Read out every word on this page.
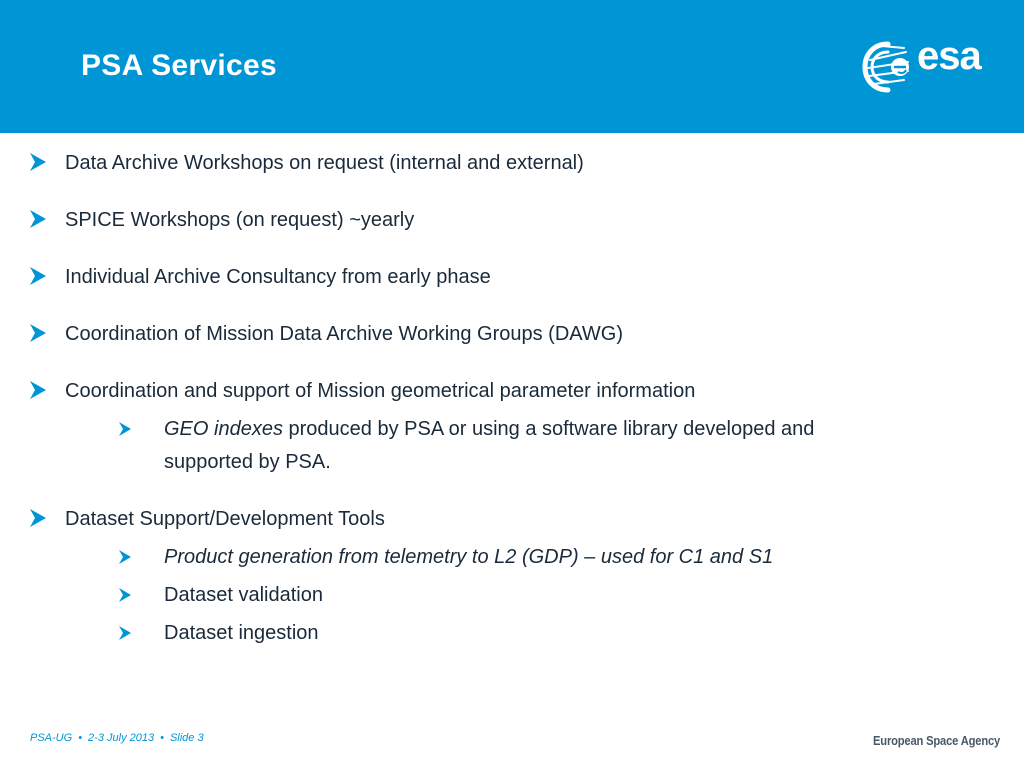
PSA Services	esa
Data Archive Workshops on request (internal and external)
SPICE Workshops (on request) ~yearly
Individual Archive Consultancy from early phase
Coordination of Mission Data Archive Working Groups (DAWG)
Coordination and support of Mission geometrical parameter information
GEO indexes produced by PSA or using a software library developed and
supported by PSA.
Dataset Support/Development Tools
Product generation from telemetry to L2 (GDP) – used for C1 and S1
Dataset validation
Dataset ingestion
PSA-UG • 2-3 July 2013 • Slide 3	European Space Agency
